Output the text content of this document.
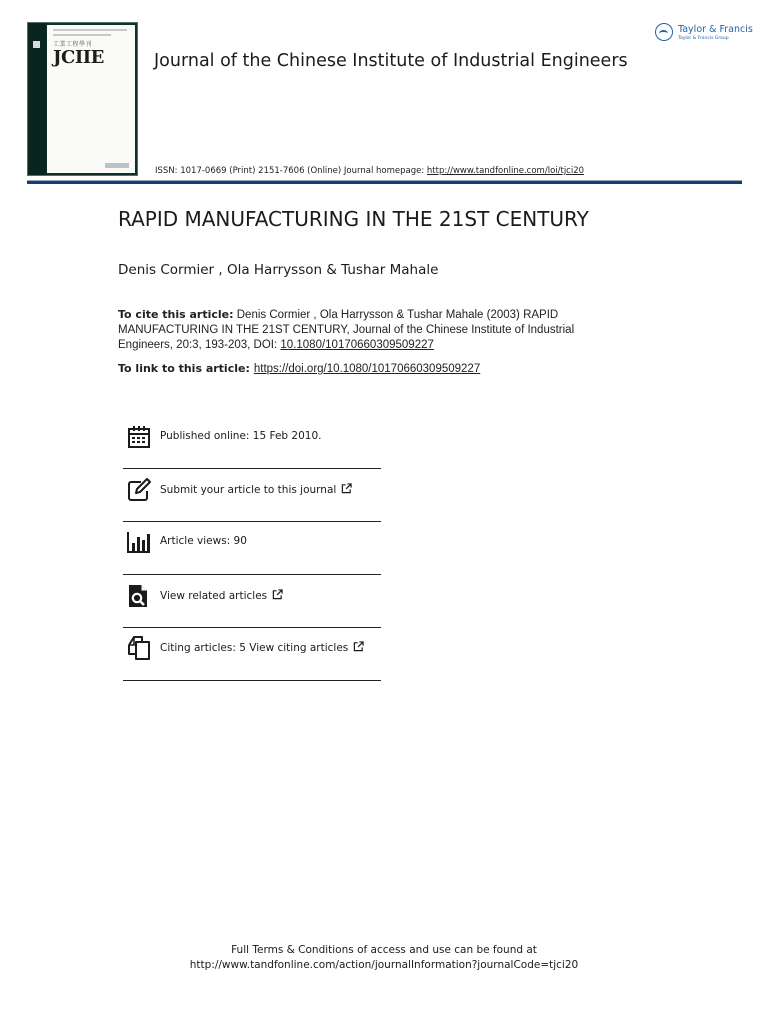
工業工程學刊
JCIIE	Journal of the Chinese Institute of Industrial Engineers
Taylor & Francis
Taylor & Francis Group
ISSN: 1017-0669 (Print) 2151-7606 (Online) Journal homepage: http://www.tandfonline.com/loi/tjci20
RAPID MANUFACTURING IN THE 21ST CENTURY
Denis Cormier , Ola Harrysson & Tushar Mahale
To cite this article: Denis Cormier , Ola Harrysson & Tushar Mahale (2003) RAPID MANUFACTURING IN THE 21ST CENTURY, Journal of the Chinese Institute of Industrial Engineers, 20:3, 193-203, DOI: 10.1080/10170660309509227
To link to this article: https://doi.org/10.1080/10170660309509227
Published online: 15 Feb 2010.
Submit your article to this journal
Article views: 90
View related articles
Citing articles: 5 View citing articles
Full Terms & Conditions of access and use can be found at
http://www.tandfonline.com/action/journalInformation?journalCode=tjci20
